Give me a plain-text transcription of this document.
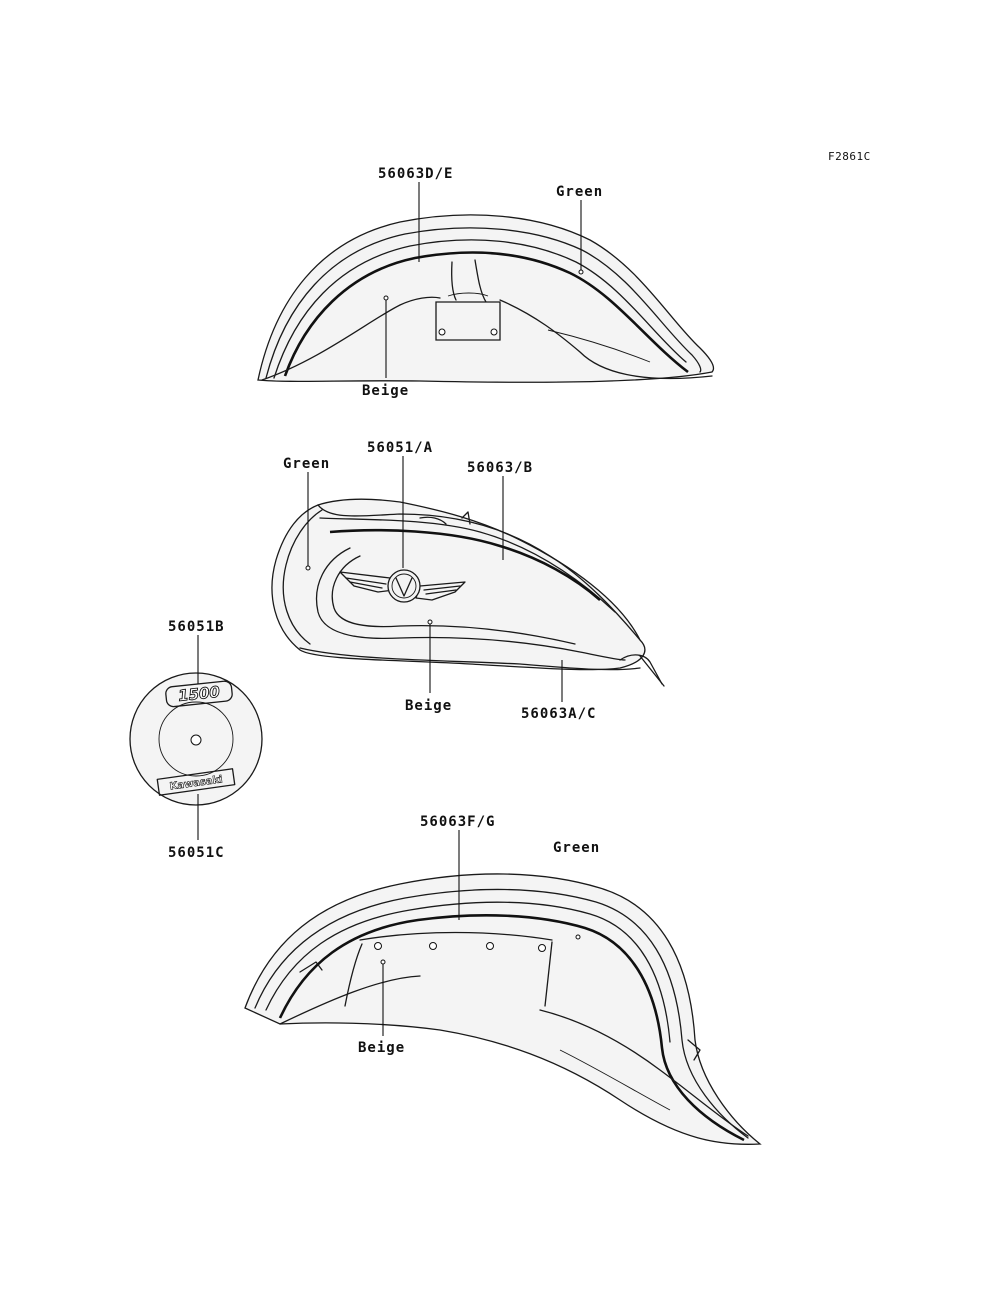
F2861C
56063D/E
Green
Beige
Green
56051/A
56063/B
Beige	56063A/C
1500
Kawasaki
56051B
56051C
56063F/G
Green
Beige
